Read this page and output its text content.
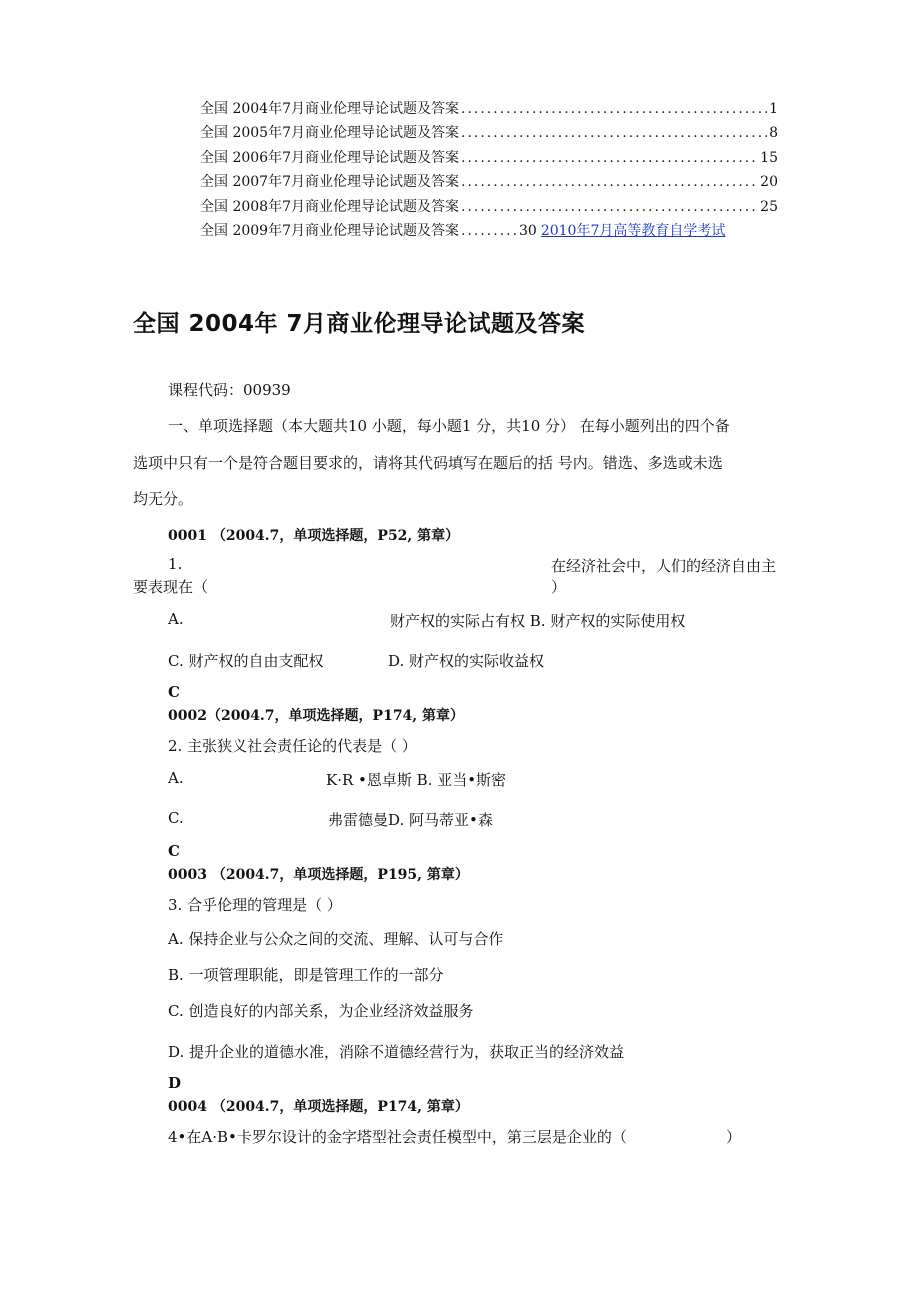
全国 2004年7月商业伦理导论试题及答案 .....	1
全国 2005年7月商业伦理导论试题及答案 .....	8
全国 2006年7月商业伦理导论试题及答案 .....	15
全国 2007年7月商业伦理导论试题及答案 .....	20
全国 2008年7月商业伦理导论试题及答案 .....	25
全国 2009年7月商业伦理导论试题及答案 .....	30 2010年7月高等教育自学考试
全国 2004年 7月商业伦理导论试题及答案
课程代码：00939
一、单项选择题（本大题共10 小题，每小题1 分，共10 分） 在每小题列出的四个备
选项中只有一个是符合题目要求的，请将其代码填写在题后的括 号内。错选、多选或未选
均无分。
0001 （2004.7，单项选择题，P52, 第章）
1.	在经济社会中，人们的经济自由主
要表现在（	）
A.	财产权的实际占有权 B. 财产权的实际使用权
C. 财产权的自由支配权	D. 财产权的实际收益权
C
0002（2004.7，单项选择题，P174, 第章）
2. 主张狭义社会责任论的代表是（ ）
A.	K·R •恩卓斯 B. 亚当•斯密
C.	弗雷德曼D. 阿马蒂亚•森
C
0003 （2004.7，单项选择题，P195, 第章）
3. 合乎伦理的管理是（ ）
A. 保持企业与公众之间的交流、理解、认可与合作
B. 一项管理职能，即是管理工作的一部分
C. 创造良好的内部关系，为企业经济效益服务
D. 提升企业的道德水准，消除不道德经营行为，获取正当的经济效益
D
0004 （2004.7，单项选择题，P174, 第章）
4•在A·B•卡罗尔设计的金字塔型社会责任模型中，第三层是企业的（	）
